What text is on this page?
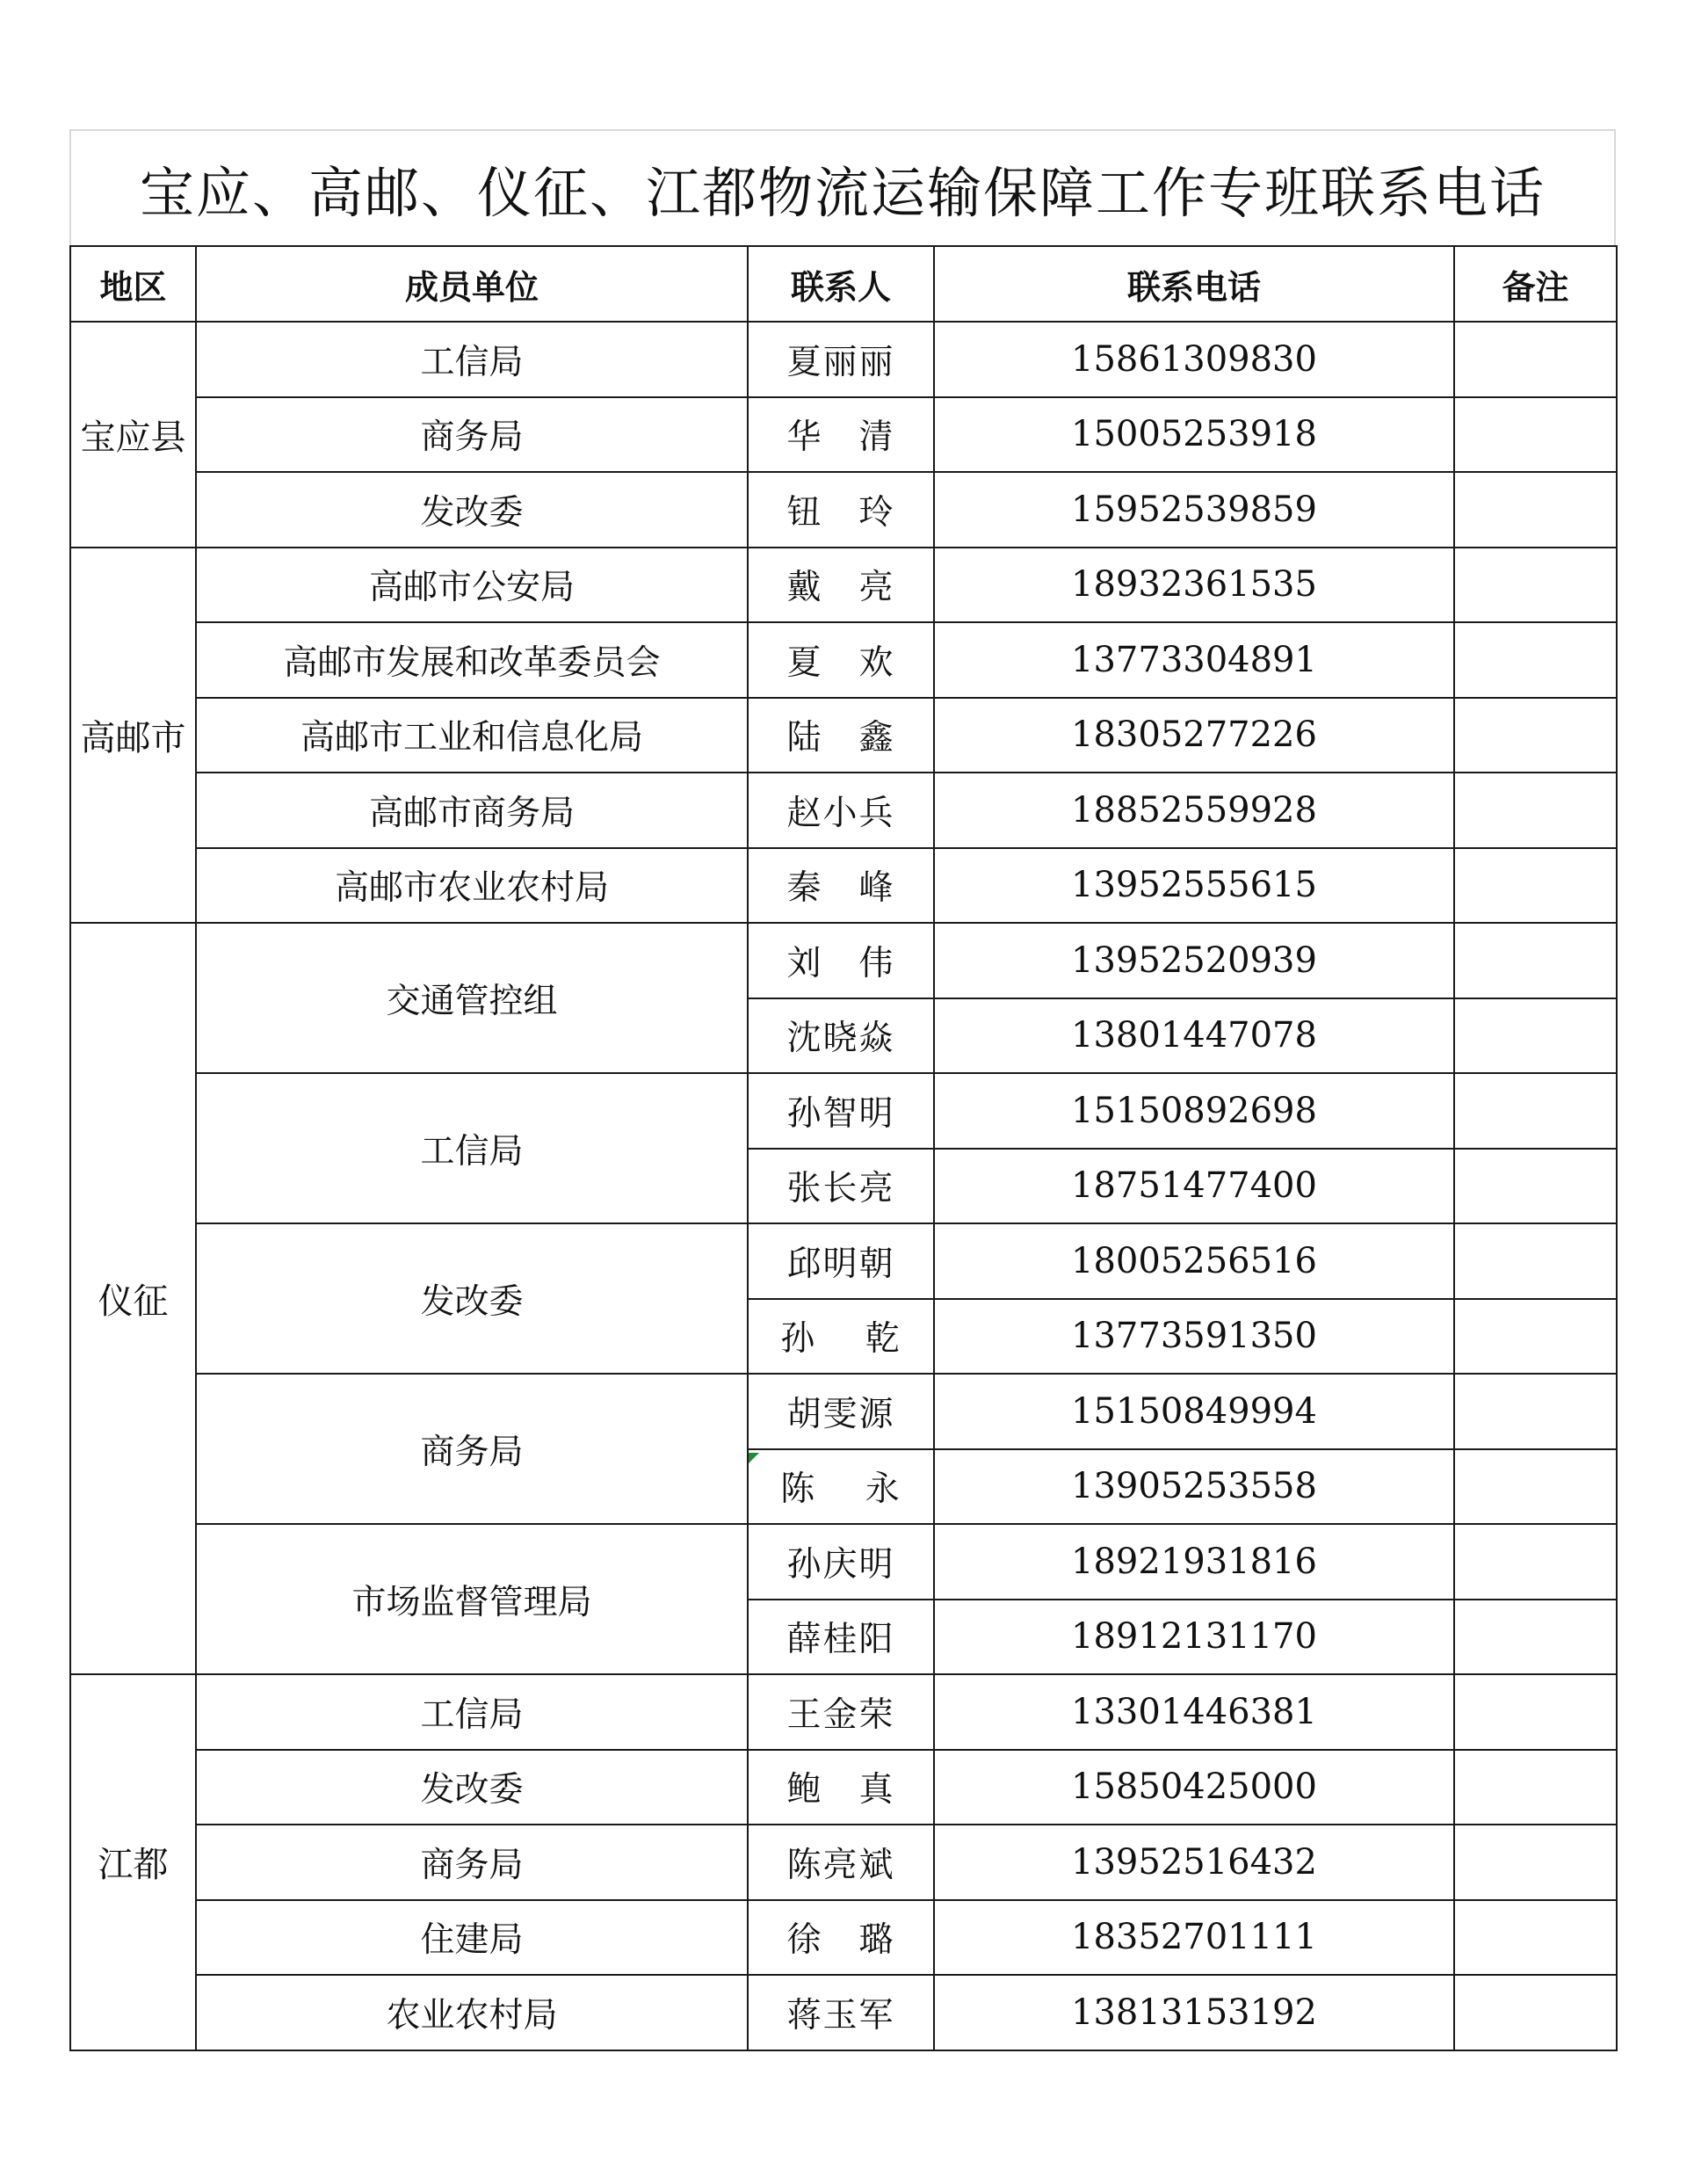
宝应、高邮、仪征、江都物流运输保障工作专班联系电话
地区	成员单位	联系人	联系电话	备注
宝应县	工信局	夏丽丽	15861309830	
	商务局	华　清	15005253918	
	发改委	钮　玲	15952539859	
高邮市	高邮市公安局	戴　亮	18932361535	
	高邮市发展和改革委员会	夏　欢	13773304891	
	高邮市工业和信息化局	陆　鑫	18305277226	
	高邮市商务局	赵小兵	18852559928	
	高邮市农业农村局	秦　峰	13952555615	
仪征	交通管控组	刘　伟	13952520939	
		沈晓焱	13801447078	
	工信局	孙智明	15150892698	
		张长亮	18751477400	
	发改委	邱明朝	18005256516	
		孙　 乾	13773591350	
	商务局	胡雯源	15150849994	
		陈　 永	13905253558	
	市场监督管理局	孙庆明	18921931816	
		薛桂阳	18912131170	
江都	工信局	王金荣	13301446381	
	发改委	鲍　真	15850425000	
	商务局	陈亮斌	13952516432	
	住建局	徐　璐	18352701111	
	农业农村局	蒋玉军	13813153192	
